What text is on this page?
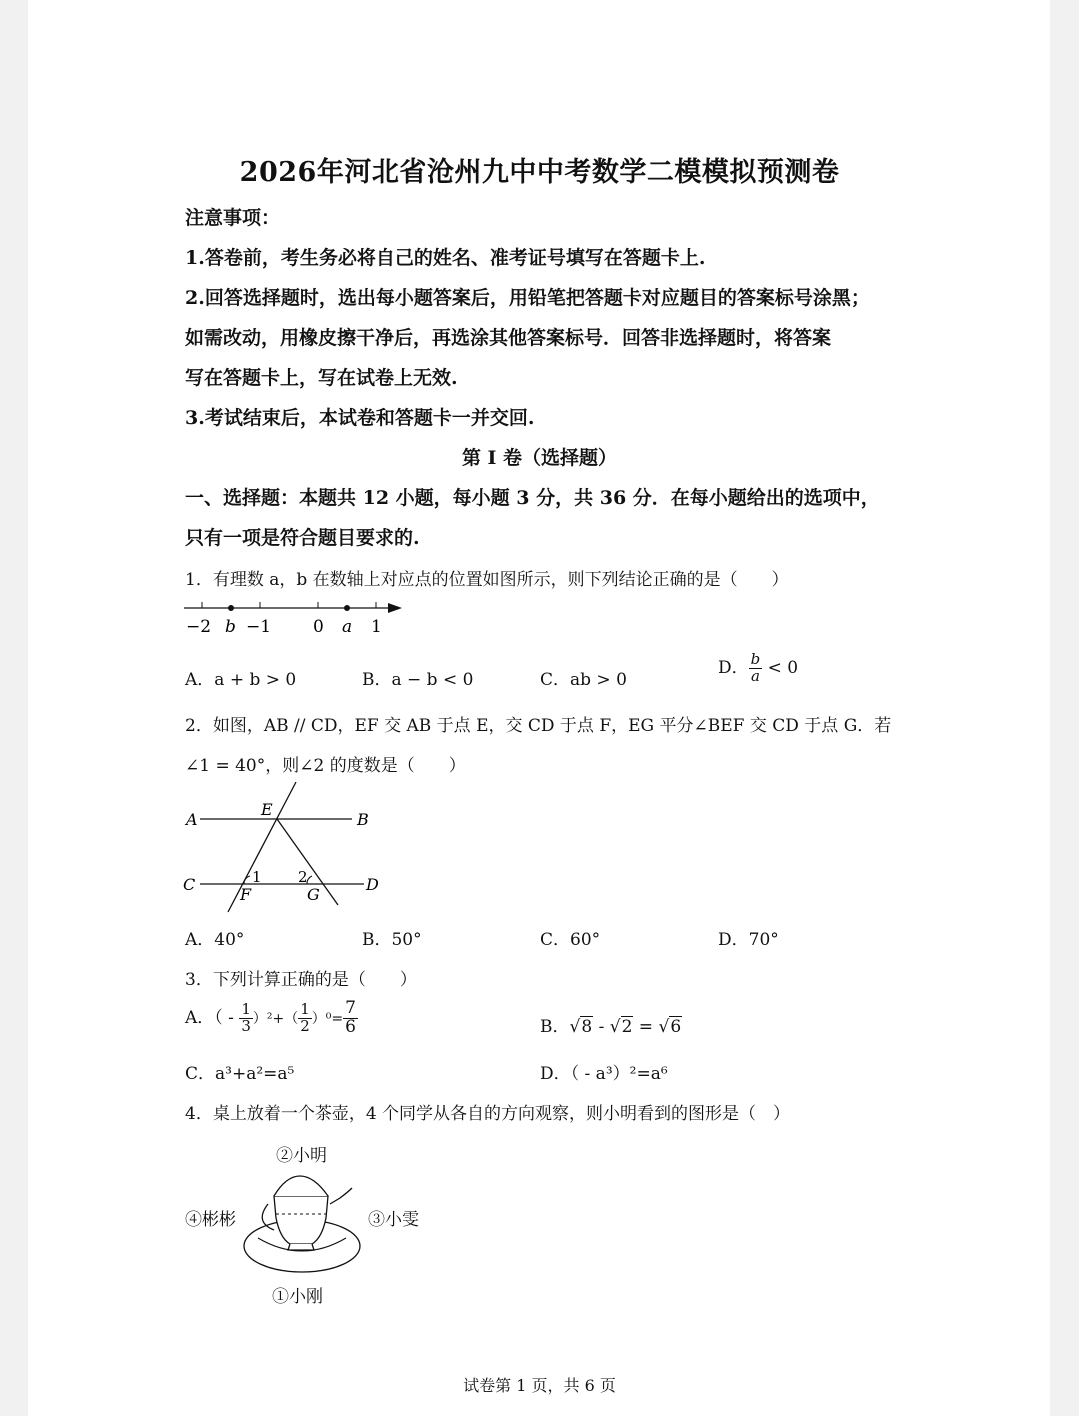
2026年河北省沧州九中中考数学二模模拟预测卷
注意事项：
1.答卷前，考生务必将自己的姓名、准考证号填写在答题卡上.
2.回答选择题时，选出每小题答案后，用铅笔把答题卡对应题目的答案标号涂黑；
如需改动，用橡皮擦干净后，再选涂其他答案标号．回答非选择题时，将答案
写在答题卡上，写在试卷上无效.
3.考试结束后，本试卷和答题卡一并交回.
第 I 卷（选择题）
一、选择题：本题共 12 小题，每小题 3 分，共 36 分．在每小题给出的选项中，
只有一项是符合题目要求的.
1．有理数 a，b 在数轴上对应点的位置如图所示，则下列结论正确的是（　　）
−2 b −1 0 a 1
A．a + b > 0	B．a − b < 0	C．ab > 0
D． $\frac{b}{a} < 0$
2．如图，AB // CD，EF 交 AB 于点 E，交 CD 于点 F，EG 平分∠BEF 交 CD 于点 G．若
∠1 = 40°，则∠2 的度数是（　　）
A
E
B
C	1 2	D
F	G
A．40°	B．50°	C．60°	D．70°
3．下列计算正确的是（　　）
A．（ - $\frac{1}{3} )^2+( \frac{1}{2} )^0= \frac{7}{6}$	B．√8 - √2 = √6
C．a³+a²=a⁵	D．（ - a³）²=a⁶
4．桌上放着一个茶壶，4 个同学从各自的方向观察，则小明看到的图形是（　）
②小明
④彬彬	③小雯
①小刚
试卷第 1 页，共 6 页
